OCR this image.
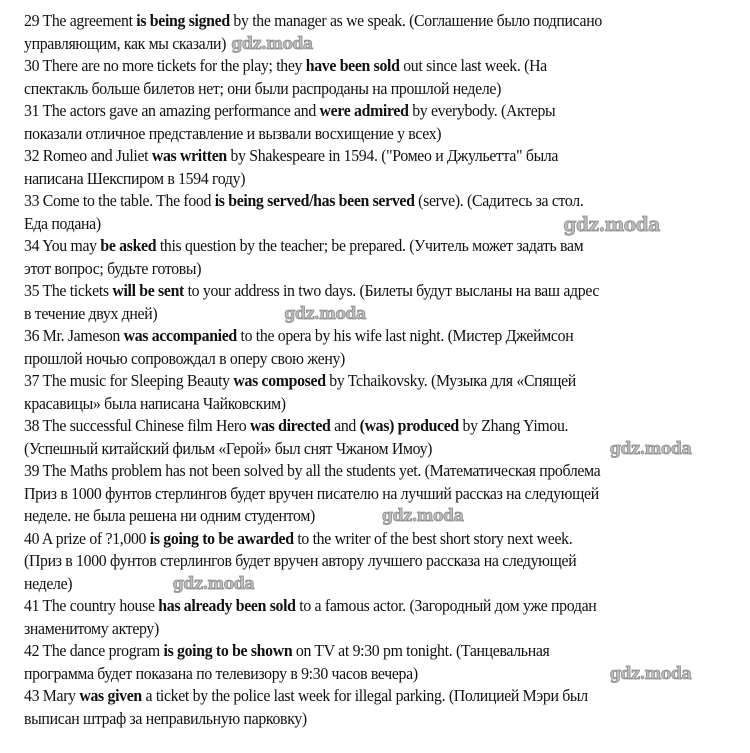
29 The agreement is being signed by the manager as we speak. (Соглашение было подписано
управляющим, как мы сказали) gdz.moda
30 There are no more tickets for the play; they have been sold out since last week. (На
спектакль больше билетов нет; они были распроданы на прошлой неделе)
31 The actors gave an amazing performance and were admired by everybody. (Актеры
показали отличное представление и вызвали восхищение у всех)
32 Romeo and Juliet was written by Shakespeare in 1594. ("Ромео и Джульетта" была
написана Шекспиром в 1594 году)
33 Come to the table. The food is being served/has been served (serve). (Садитесь за стол.
Еда подана)	gdz.moda
34 You may be asked this question by the teacher; be prepared. (Учитель может задать вам
этот вопрос; будьте готовы)
35 The tickets will be sent to your address in two days. (Билеты будут высланы на ваш адрес
в течение двух дней)	gdz.moda
36 Mr. Jameson was accompanied to the opera by his wife last night. (Мистер Джеймсон
прошлой ночью сопровождал в оперу свою жену)
37 The music for Sleeping Beauty was composed by Tchaikovsky. (Музыка для «Спящей
красавицы» была написана Чайковским)
38 The successful Chinese film Hero was directed and (was) produced by Zhang Yimou.
(Успешный китайский фильм «Герой» был снят Чжаном Имоу)	gdz.moda
39 The Maths problem has not been solved by all the students yet. (Математическая проблема
Приз в 1000 фунтов стерлингов будет вручен писателю на лучший рассказ на следующей
неделе. не была решена ни одним студентом)	gdz.moda
40 A prize of ?1,000 is going to be awarded to the writer of the best short story next week.
(Приз в 1000 фунтов стерлингов будет вручен автору лучшего рассказа на следующей
неделе)	gdz.moda
41 The country house has already been sold to a famous actor. (Загородный дом уже продан
знаменитому актеру)
42 The dance program is going to be shown on TV at 9:30 pm tonight. (Танцевальная
программа будет показана по телевизору в 9:30 часов вечера)	gdz.moda
43 Mary was given a ticket by the police last week for illegal parking. (Полицией Мэри был
выписан штраф за неправильную парковку)
